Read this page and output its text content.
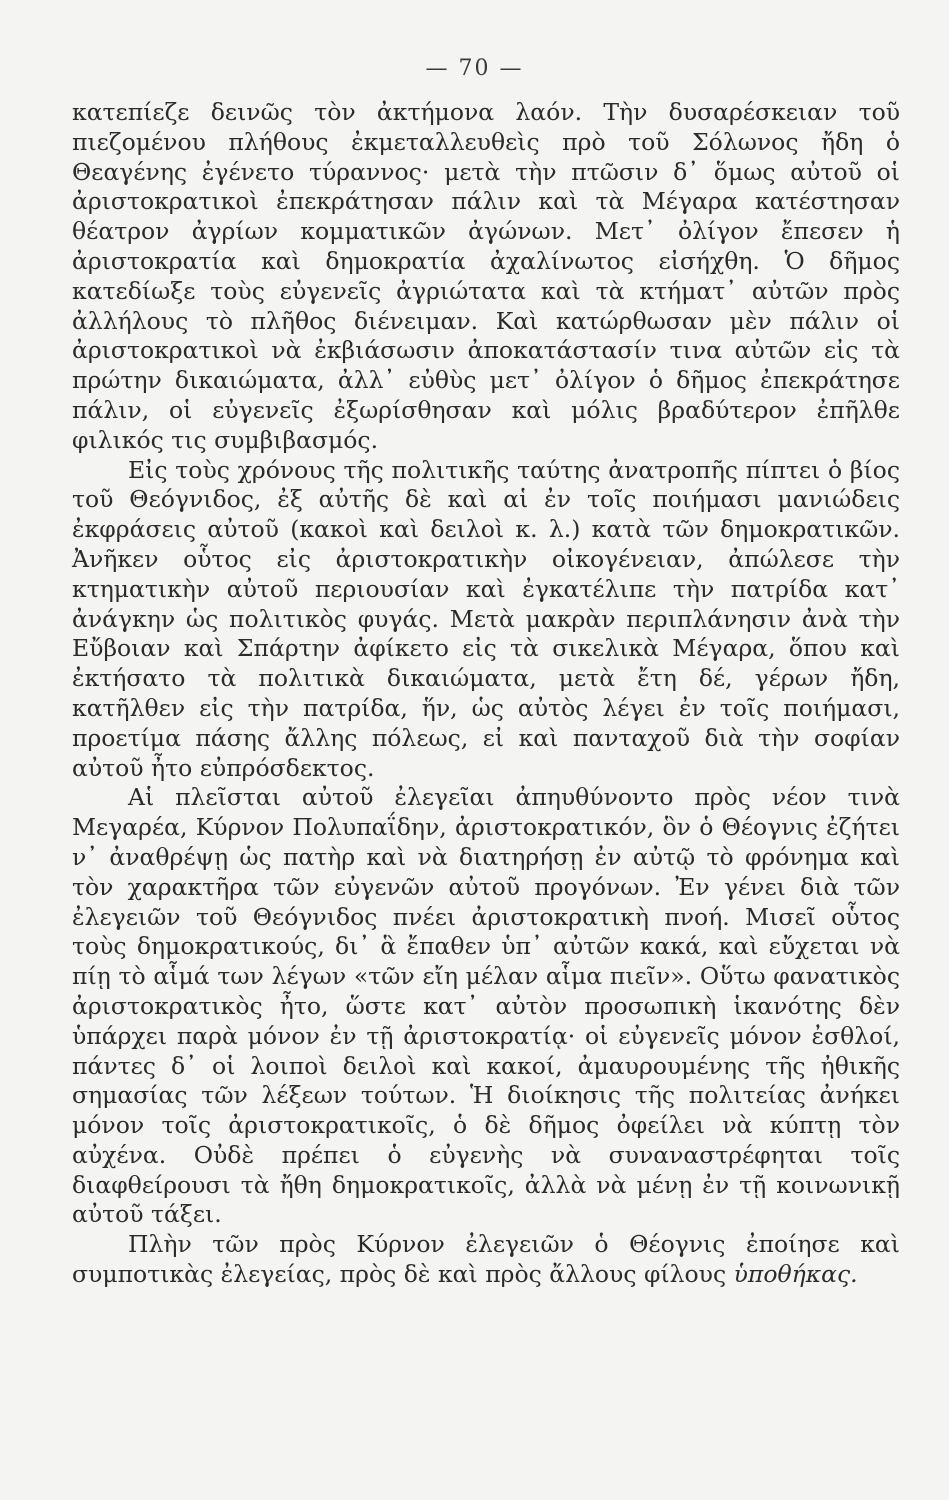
— 70 —

κατεπίεζε δεινῶς τὸν ἀκτήμονα λαόν. Τὴν δυσαρέσκειαν τοῦ πιεζομένου πλήθους ἐκμεταλλευθεὶς πρὸ τοῦ Σόλωνος ἤδη ὁ Θεαγένης ἐγένετο τύραννος· μετὰ τὴν πτῶσιν δ᾽ ὅμως αὐτοῦ οἱ ἀριστοκρατικοὶ ἐπεκράτησαν πάλιν καὶ τὰ Μέγαρα κατέστησαν θέατρον ἀγρίων κομματικῶν ἀγώνων. Μετ᾽ ὀλίγον ἔπεσεν ἡ ἀριστοκρατία καὶ δημοκρατία ἀχαλίνωτος εἰσήχθη. Ὁ δῆμος κατεδίωξε τοὺς εὐγενεῖς ἀγριώτατα καὶ τὰ κτήματ᾽ αὐτῶν πρὸς ἀλλήλους τὸ πλῆθος διένειμαν. Καὶ κατώρθωσαν μὲν πάλιν οἱ ἀριστοκρατικοὶ νὰ ἐκβιάσωσιν ἀποκατάστασίν τινα αὐτῶν εἰς τὰ πρώτην δικαιώματα, ἀλλ᾽ εὐθὺς μετ᾽ ὀλίγον ὁ δῆμος ἐπεκράτησε πάλιν, οἱ εὐγενεῖς ἐξωρίσθησαν καὶ μόλις βραδύτερον ἐπῆλθε φιλικός τις συμβιβασμός.

Εἰς τοὺς χρόνους τῆς πολιτικῆς ταύτης ἀνατροπῆς πίπτει ὁ βίος τοῦ Θεόγνιδος, ἐξ αὐτῆς δὲ καὶ αἱ ἐν τοῖς ποιήμασι μανιώδεις ἐκφράσεις αὐτοῦ (κακοὶ καὶ δειλοὶ κ. λ.) κατὰ τῶν δημοκρατικῶν. Ἀνῆκεν οὗτος εἰς ἀριστοκρατικὴν οἰκογένειαν, ἀπώλεσε τὴν κτηματικὴν αὐτοῦ περιουσίαν καὶ ἐγκατέλιπε τὴν πατρίδα κατ᾽ ἀνάγκην ὡς πολιτικὸς φυγάς. Μετὰ μακρὰν περιπλάνησιν ἀνὰ τὴν Εὔβοιαν καὶ Σπάρτην ἀφίκετο εἰς τὰ σικελικὰ Μέγαρα, ὅπου καὶ ἐκτήσατο τὰ πολιτικὰ δικαιώματα, μετὰ ἔτη δέ, γέρων ἤδη, κατῆλθεν εἰς τὴν πατρίδα, ἥν, ὡς αὐτὸς λέγει ἐν τοῖς ποιήμασι, προετίμα πάσης ἄλλης πόλεως, εἰ καὶ πανταχοῦ διὰ τὴν σοφίαν αὐτοῦ ἦτο εὐπρόσδεκτος.

Αἱ πλεῖσται αὐτοῦ ἐλεγεῖαι ἀπηυθύνοντο πρὸς νέον τινὰ Μεγαρέα, Κύρνον Πολυπαΐδην, ἀριστοκρατικόν, ὃν ὁ Θέογνις ἐζήτει ν᾽ ἀναθρέψῃ ὡς πατὴρ καὶ νὰ διατηρήσῃ ἐν αὐτῷ τὸ φρόνημα καὶ τὸν χαρακτῆρα τῶν εὐγενῶν αὐτοῦ προγόνων. Ἐν γένει διὰ τῶν ἐλεγειῶν τοῦ Θεόγνιδος πνέει ἀριστοκρατικὴ πνοή. Μισεῖ οὗτος τοὺς δημοκρατικούς, δι᾽ ἃ ἔπαθεν ὑπ᾽ αὐτῶν κακά, καὶ εὔχεται νὰ πίῃ τὸ αἷμά των λέγων «τῶν εἴη μέλαν αἷμα πιεῖν». Οὕτω φανατικὸς ἀριστοκρατικὸς ἦτο, ὥστε κατ᾽ αὐτὸν προσωπικὴ ἱκανότης δὲν ὑπάρχει παρὰ μόνον ἐν τῇ ἀριστοκρατίᾳ· οἱ εὐγενεῖς μόνον ἐσθλοί, πάντες δ᾽ οἱ λοιποὶ δειλοὶ καὶ κακοί, ἀμαυρουμένης τῆς ἠθικῆς σημασίας τῶν λέξεων τούτων. Ἡ διοίκησις τῆς πολιτείας ἀνήκει μόνον τοῖς ἀριστοκρατικοῖς, ὁ δὲ δῆμος ὀφείλει νὰ κύπτῃ τὸν αὐχένα. Οὐδὲ πρέπει ὁ εὐγενὴς νὰ συναναστρέφηται τοῖς διαφθείρουσι τὰ ἤθη δημοκρατικοῖς, ἀλλὰ νὰ μένῃ ἐν τῇ κοινωνικῇ αὐτοῦ τάξει.

Πλὴν τῶν πρὸς Κύρνον ἐλεγειῶν ὁ Θέογνις ἐποίησε καὶ συμποτικὰς ἐλεγείας, πρὸς δὲ καὶ πρὸς ἄλλους φίλους ὑποθήκας.
